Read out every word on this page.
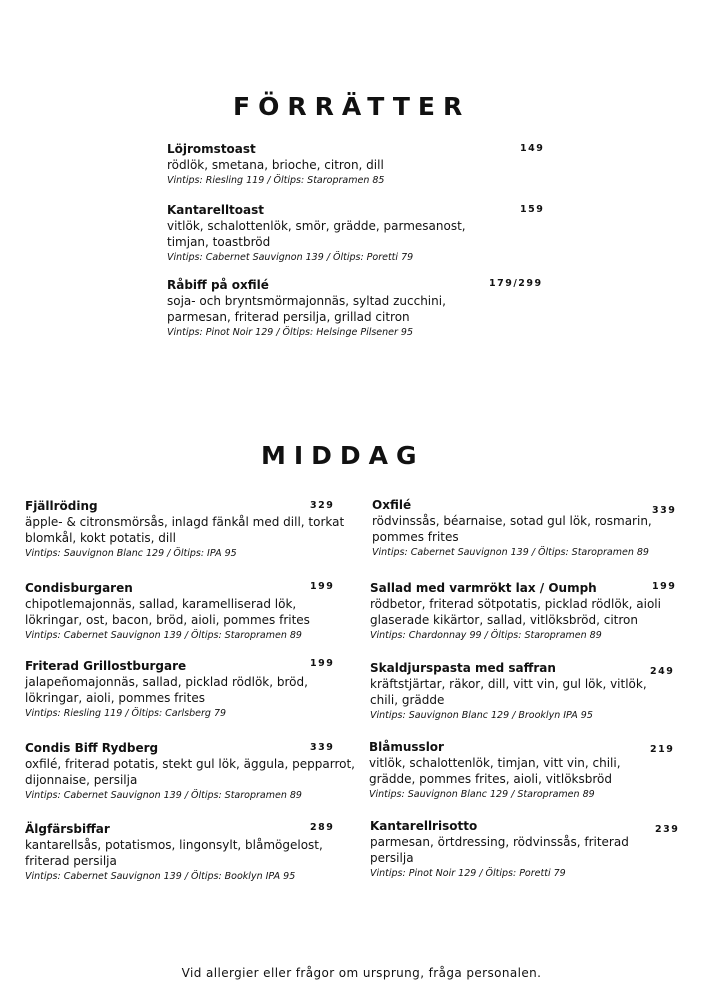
FÖRRÄTTER
Löjromstoast
rödlök, smetana, brioche, citron, dill
Vintips: Riesling 119 / Öltips: Staropramen 85
149
Kantarelltoast
vitlök, schalottenlök, smör, grädde, parmesanost, timjan, toastbröd
Vintips: Cabernet Sauvignon 139 / Öltips: Poretti 79
159
Råbiff på oxfilé
soja- och bryntsmörmajonnäs, syltad zucchini, parmesan, friterad persilja, grillad citron
Vintips: Pinot Noir 129 / Öltips: Helsinge Pilsener 95
179/299
MIDDAG
Fjällröding
äpple- & citronsmörsås, inlagd fänkål med dill, torkat blomkål, kokt potatis, dill
Vintips: Sauvignon Blanc 129 / Öltips: IPA 95
329
Condisburgaren
chipotlemajonnäs, sallad, karamelliserad lök, lökringar, ost, bacon, bröd, aioli, pommes frites
Vintips: Cabernet Sauvignon 139 / Öltips: Staropramen 89
199
Friterad Grillostburgare
jalapeñomajonnäs, sallad, picklad rödlök, bröd, lökringar, aioli, pommes frites
Vintips: Riesling 119 / Öltips: Carlsberg 79
199
Condis Biff Rydberg
oxfilé, friterad potatis, stekt gul lök, äggula, pepparrot, dijonnaise, persilja
Vintips: Cabernet Sauvignon 139 / Öltips: Staropramen 89
339
Älgfärsbiffar
kantarellsås, potatismos, lingonsylt, blåmögelost, friterad persilja
Vintips: Cabernet Sauvignon 139 / Öltips: Booklyn IPA 95
289
Oxfilé
rödvinssås, béarnaise, sotad gul lök, rosmarin, pommes frites
Vintips: Cabernet Sauvignon 139 / Öltips: Staropramen 89
339
Sallad med varmrökt lax / Oumph
rödbetor, friterad sötpotatis, picklad rödlök, aioli glaserade kikärtor, sallad, vitlöksbröd, citron
Vintips: Chardonnay 99 / Öltips: Staropramen 89
199
Skaldjurspasta med saffran
kräftstjärtar, räkor, dill, vitt vin, gul lök, vitlök, chili, grädde
Vintips: Sauvignon Blanc 129 / Brooklyn IPA 95
249
Blåmusslor
vitlök, schalottenlök, timjan, vitt vin, chili, grädde, pommes frites, aioli, vitlöksbröd
Vintips: Sauvignon Blanc 129 / Staropramen 89
219
Kantarellrisotto
parmesan, örtdressing, rödvinssås, friterad persilja
Vintips: Pinot Noir 129 / Öltips: Poretti 79
239
Vid allergier eller frågor om ursprung, fråga personalen.
